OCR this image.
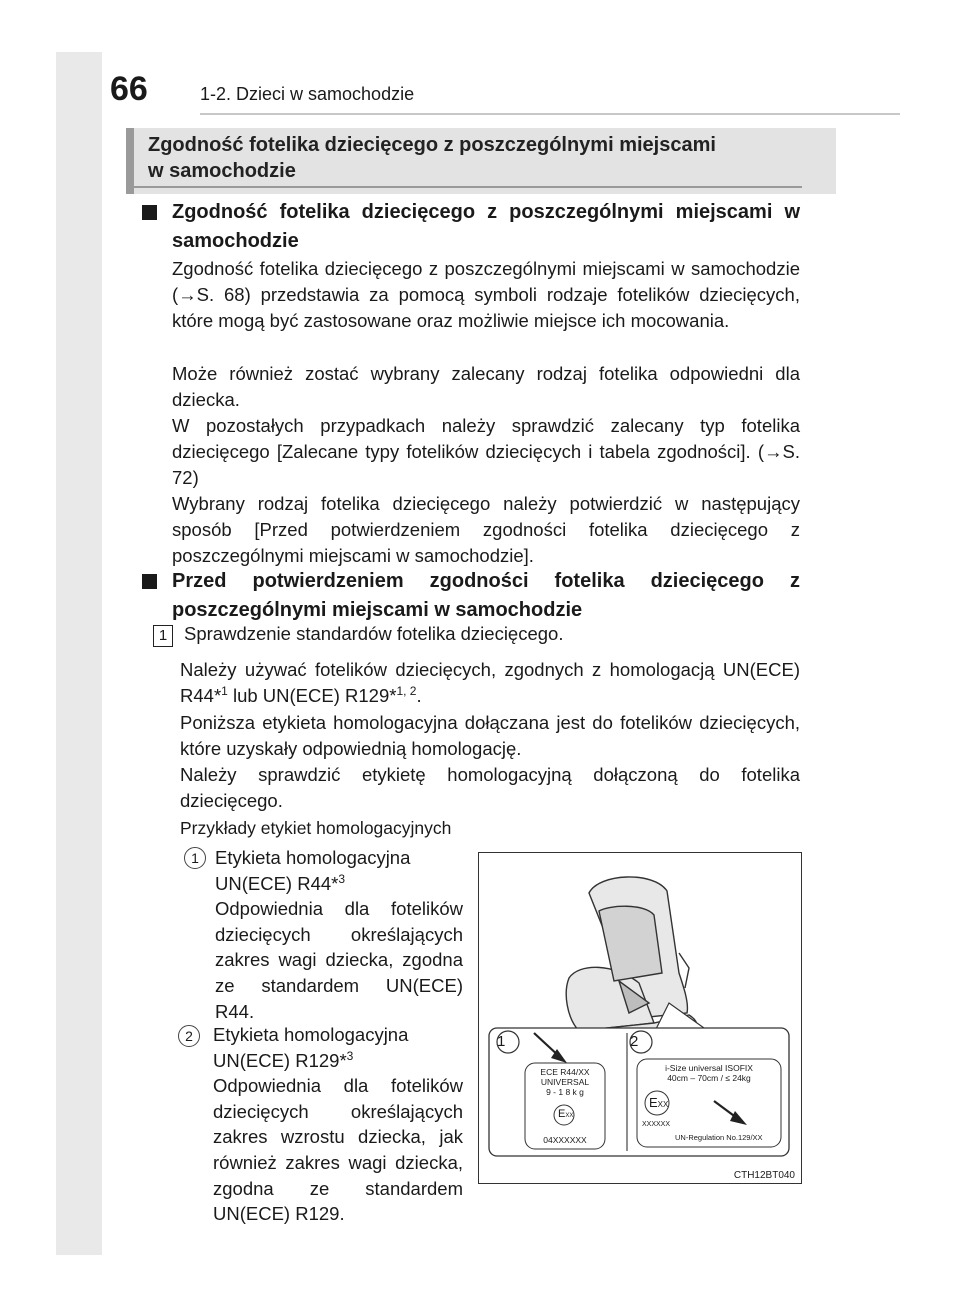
66	1-2. Dzieci w samochodzie
Zgodność fotelika dziecięcego z poszczególnymi miejscami
w samochodzie
Zgodność fotelika dziecięcego z poszczególnymi miejscami w samochodzie
Zgodność fotelika dziecięcego z poszczególnymi miejscami w samochodzie (→S. 68) przedstawia za pomocą symboli rodzaje fotelików dziecięcych, które mogą być zastosowane oraz możliwie miejsce ich mocowania.
Może również zostać wybrany zalecany rodzaj fotelika odpowiedni dla dziecka.
W pozostałych przypadkach należy sprawdzić zalecany typ fotelika dziecięcego [Zalecane typy fotelików dziecięcych i tabela zgodności]. (→S. 72)
Wybrany rodzaj fotelika dziecięcego należy potwierdzić w następujący sposób [Przed potwierdzeniem zgodności fotelika dziecięcego z poszczególnymi miejscami w samochodzie].
Przed potwierdzeniem zgodności fotelika dziecięcego z poszczególnymi miejscami w samochodzie
1 Sprawdzenie standardów fotelika dziecięcego.
Należy używać fotelików dziecięcych, zgodnych z homologacją UN(ECE) R44*$^1$ lub UN(ECE) R129*$^{1, 2}$.
Poniższa etykieta homologacyjna dołączana jest do fotelików dziecięcych, które uzyskały odpowiednią homologację.
Należy sprawdzić etykietę homologacyjną dołączoną do fotelika dziecięcego.
Przykłady etykiet homologacyjnych
1 Etykieta homologacyjna
UN(ECE) R44*$^3$
Odpowiednia dla fotelików dziecięcych określających zakres wagi dziecka, zgodna ze standardem UN(ECE) R44.
2	Etykieta homologacyjna
UN(ECE) R129*$^3$
Odpowiednia dla fotelików dziecięcych określających zakres wzrostu dziecka, jak również zakres wagi dziecka, zgodna ze standardem UN(ECE) R129.
ECE R44/XX
UNIVERSAL
9 - 1 8 k g
EXX
04XXXXXX
i-Size universal ISOFIX
40cm – 70cm / ≤ 24kg
EXX
XXXXXX
UN-Regulation No.129/XX
CTH12BT040
